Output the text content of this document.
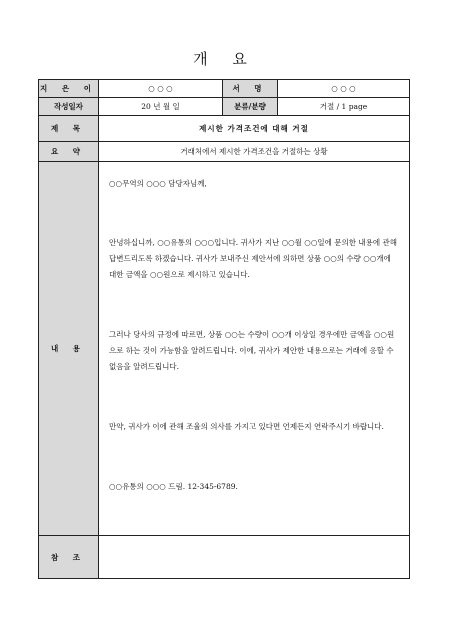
개 요
지 은 이	○ ○ ○	서 명	○ ○ ○
작성일자	20 년 월 일	분류/분량	거절 / 1 page
제 목	제시한 가격조건에 대해 거절		
요 약	거래처에서 제시한 가격조건을 거절하는 상황		
내 용	○○무역의 ○○○ 담당자님께,

안녕하십니까, ○○유통의 ○○○입니다. 귀사가 지난 ○○월 ○○일에 문의한 내용에 관해 답변드리도록 하겠습니다. 귀사가 보내주신 제안서에 의하면 상품 ○○의 수량 ○○개에 대한 금액을 ○○원으로 제시하고 있습니다.

그러나 당사의 규정에 따르면, 상품 ○○는 수량이 ○○개 이상일 경우에만 금액을 ○○원으로 하는 것이 가능함을 알려드립니다. 이에, 귀사가 제안한 내용으로는 거래에 응할 수 없음을 알려드립니다.

만약, 귀사가 이에 관해 조율의 의사를 가지고 있다면 언제든지 연락주시기 바랍니다.

○○유통의 ○○○ 드림. 12-345-6789.		

참 조			
